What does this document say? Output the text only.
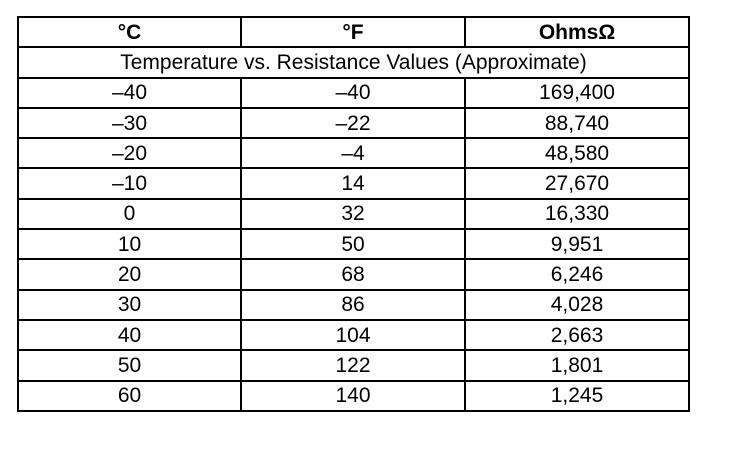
°C	°F	OhmsΩ
Temperature vs. Resistance Values (Approximate)		
–40	–40	169,400
–30	–22	88,740
–20	–4	48,580
–10	14	27,670
0	32	16,330
10	50	9,951
20	68	6,246
30	86	4,028
40	104	2,663
50	122	1,801
60	140	1,245
